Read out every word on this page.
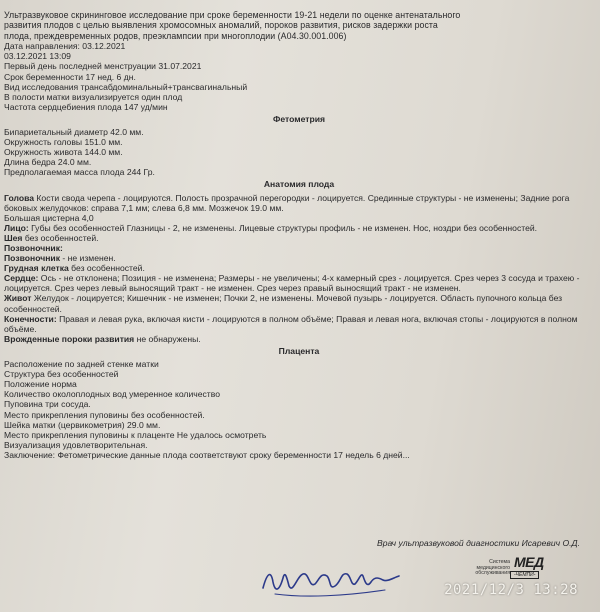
Ультразвуковое скрининговое исследование при сроке беременности 19-21 недели по оценке антенатального
развития плодов с целью выявления хромосомных аномалий, пороков развития, рисков задержки роста
плода, преждевременных родов, преэклампсии при многоплодии (A04.30.001.006)
Дата направления: 03.12.2021
03.12.2021 13:09
Первый день последней менструации 31.07.2021
Срок беременности 17 нед. 6 дн.
Вид исследования трансабдоминальный+трансвагинальный
В полости матки визуализируется один плод
Частота сердцебиения плода 147 уд/мин
Фетометрия
Бипариетальный диаметр 42.0 мм.
Окружность головы 151.0 мм.
Окружность живота 144.0 мм.
Длина бедра 24.0 мм.
Предполагаемая масса плода 244 Гр.
Анатомия плода
Голова Кости свода черепа - лоцируются. Полость прозрачной перегородки - лоцируется. Срединные структуры - не изменены; Задние рога боковых желудочков: справа 7,1 мм; слева 6,8 мм. Мозжечок 19.0 мм.
Большая цистерна 4,0
Лицо: Губы без особенностей Глазницы - 2, не изменены. Лицевые структуры профиль - не изменен. Нос, ноздри без особенностей.
Шея без особенностей.
Позвоночник:
Позвоночник - не изменен.
Грудная клетка без особенностей.
Сердце: Ось - не отклонена; Позиция - не изменена; Размеры - не увеличены; 4-х камерный срез - лоцируется. Срез через 3 сосуда и трахею - лоцируется. Срез через левый выносящий тракт - не изменен. Срез через правый выносящий тракт - не изменен.
Живот Желудок - лоцируется; Кишечник - не изменен; Почки 2, не изменены. Мочевой пузырь - лоцируется. Область пупочного кольца без особенностей.
Конечности: Правая и левая рука, включая кисти - лоцируются в полном объёме; Правая и левая нога, включая стопы - лоцируются в полном объёме.
Врожденные пороки развития не обнаружены.
Плацента
Расположение по задней стенке матки
Структура без особенностей
Положение норма
Количество околоплодных вод умеренное количество
Пуповина три сосуда.
Место прикрепления пуповины без особенностей.
Шейка матки (цервикометрия) 29.0 мм.
Место прикрепления пуповины к плаценте Не удалось осмотреть
Визуализация удовлетворительная.
Заключение: Фетометрические данные плода соответствуют сроку беременности 17 недель 6 дней...
Врач ультразвуковой диагностики Исаревич О.Д.
Система
медицинского
обслуживания
МЕД
-ЧЕМПИ-
2021/12/3 13:28
